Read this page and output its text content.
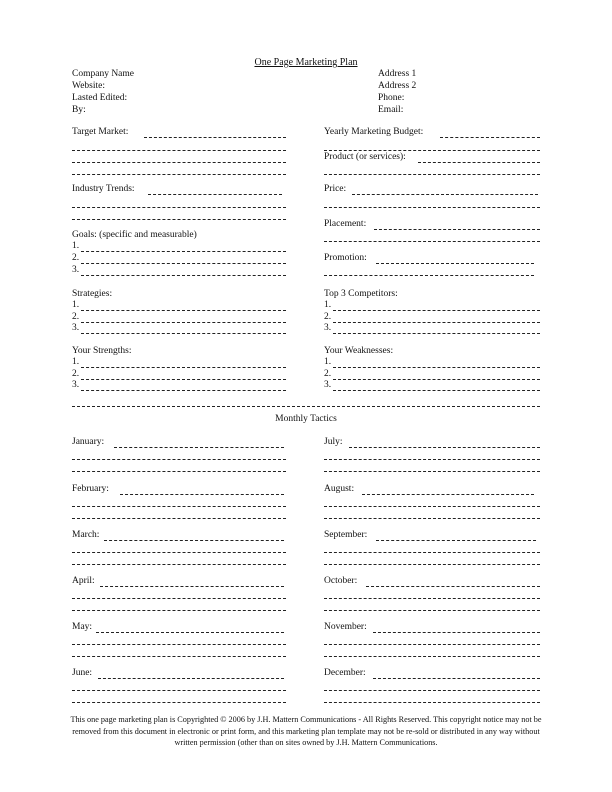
One Page Marketing Plan
Company Name
Website:
Lasted Edited:
By:
Address 1
Address 2
Phone:
Email:
Target Market:
Industry Trends:
Goals: (specific and measurable)
1.
2.
3.
Strategies:
1.
2.
3.
Your Strengths:
1.
2.
3.
Yearly Marketing Budget:
Product (or services):
Price:
Placement:
Promotion:
Top 3 Competitors:
1.
2.
3.
Your Weaknesses:
1.
2.
3.
Monthly Tactics
January:
February:
March:
April:
May:
June:
July:
August:
September:
October:
November:
December:
This one page marketing plan is Copyrighted © 2006 by J.H. Mattern Communications - All Rights Reserved. This copyright notice may not be removed from this document in electronic or print form, and this marketing plan template may not be re-sold or distributed in any way without written permission (other than on sites owned by J.H. Mattern Communications.
